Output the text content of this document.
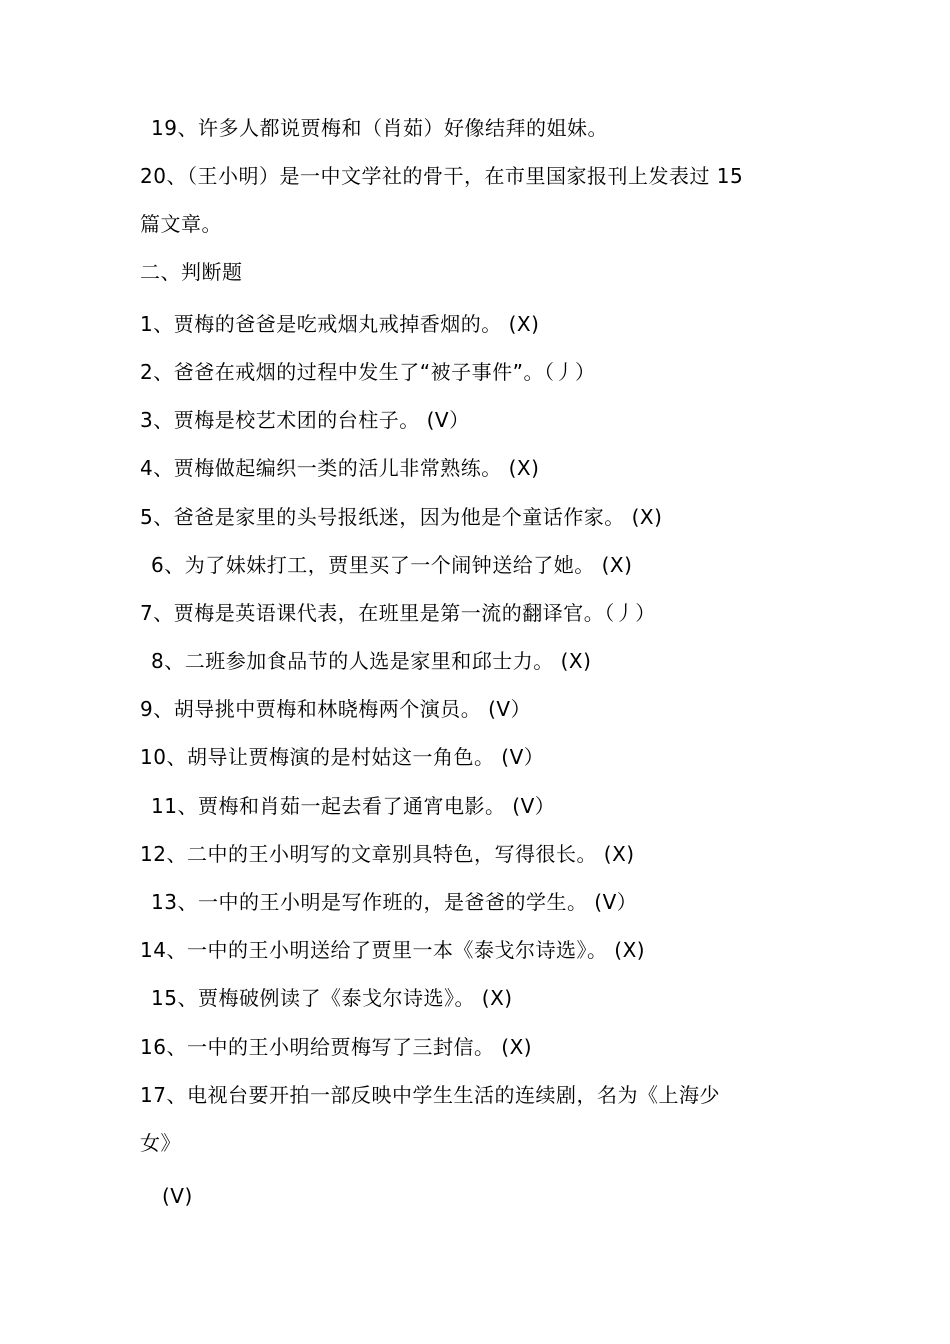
19、许多人都说贾梅和（肖茹）好像结拜的姐妹。
20、（王小明）是一中文学社的骨干，在市里国家报刊上发表过 15
篇文章。
二、判断题
1、贾梅的爸爸是吃戒烟丸戒掉香烟的。 (X)
2、爸爸在戒烟的过程中发生了“被子事件”。（丿）
3、贾梅是校艺术团的台柱子。 (V）
4、贾梅做起编织一类的活儿非常熟练。 (X)
5、爸爸是家里的头号报纸迷，因为他是个童话作家。 (X)
6、为了妹妹打工，贾里买了一个闹钟送给了她。 (X)
7、贾梅是英语课代表，在班里是第一流的翻译官。（丿）
8、二班参加食品节的人选是家里和邱士力。 (X)
9、胡导挑中贾梅和林晓梅两个演员。 (V）
10、胡导让贾梅演的是村姑这一角色。 (V）
11、贾梅和肖茹一起去看了通宵电影。 (V）
12、二中的王小明写的文章别具特色，写得很长。 (X)
13、一中的王小明是写作班的，是爸爸的学生。 (V）
14、一中的王小明送给了贾里一本《泰戈尔诗选》。 (X)
15、贾梅破例读了《泰戈尔诗选》。 (X)
16、一中的王小明给贾梅写了三封信。 (X)
17、电视台要开拍一部反映中学生生活的连续剧，名为《上海少
女》
(V)
